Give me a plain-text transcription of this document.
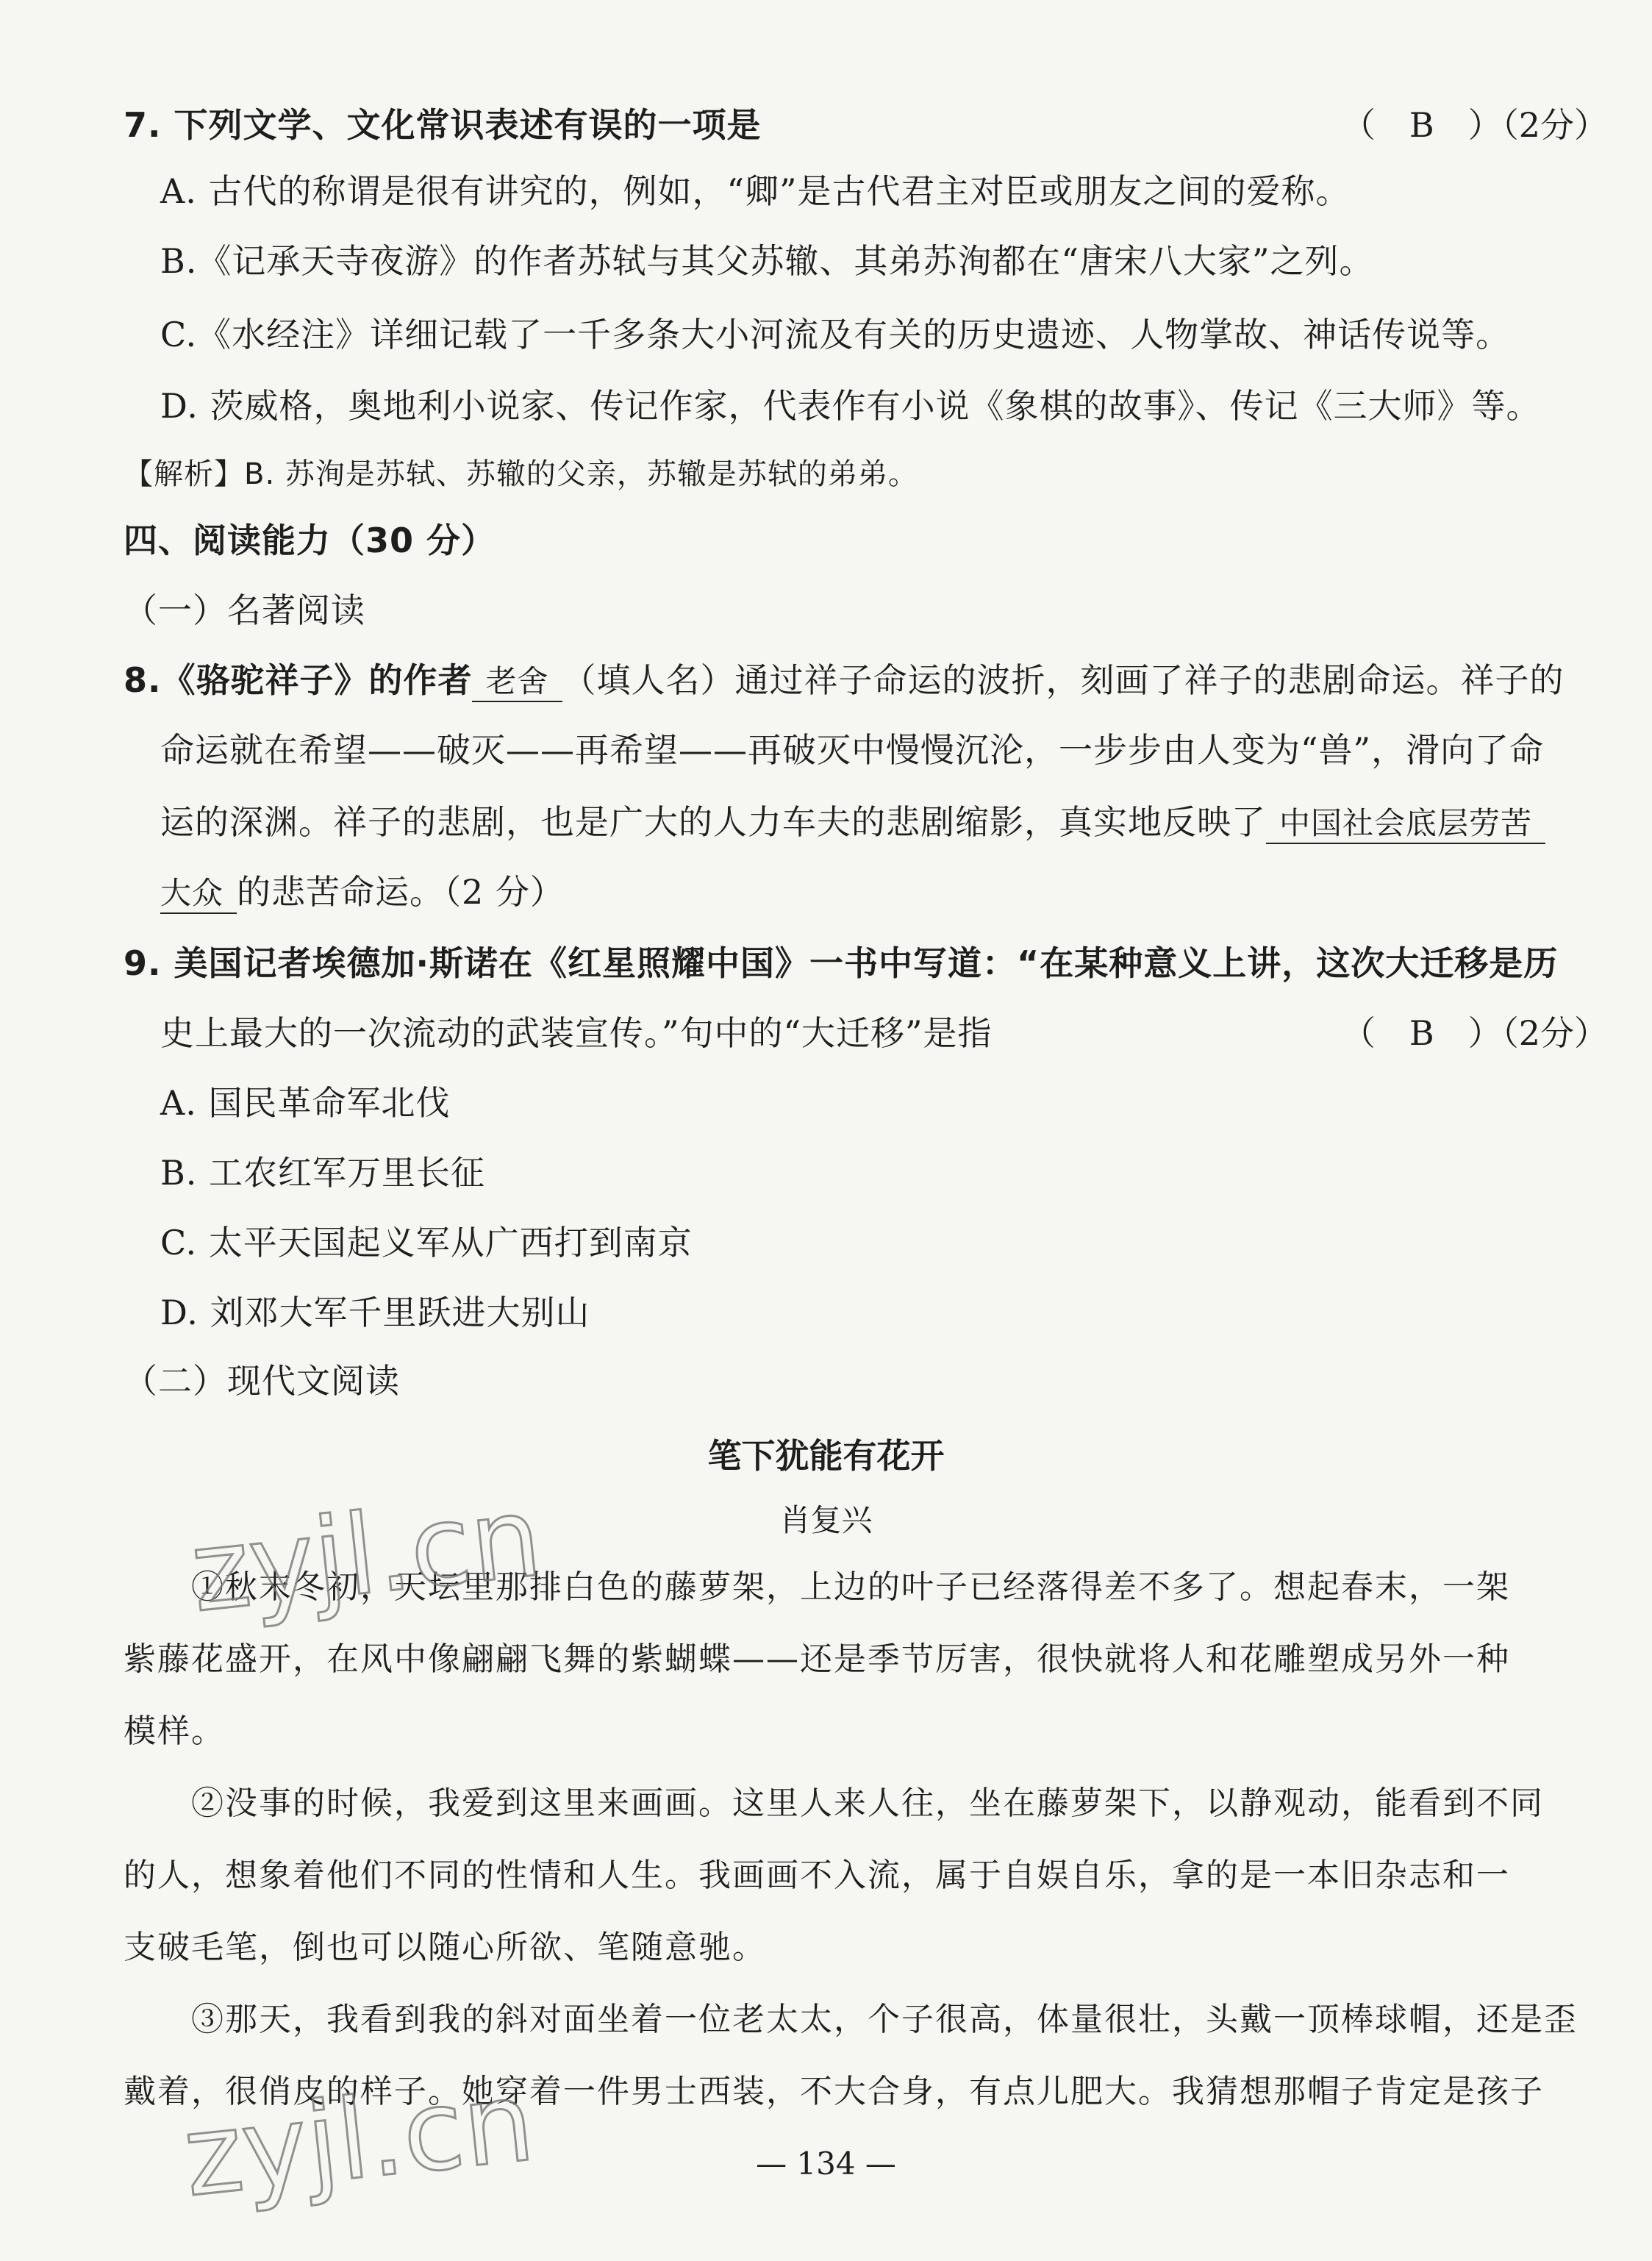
7. 下列文学、文化常识表述有误的一项是	（　B　）（2分）
A. 古代的称谓是很有讲究的，例如，“卿”是古代君主对臣或朋友之间的爱称。
B.《记承天寺夜游》的作者苏轼与其父苏辙、其弟苏洵都在“唐宋八大家”之列。
C.《水经注》详细记载了一千多条大小河流及有关的历史遗迹、人物掌故、神话传说等。
D. 茨威格，奥地利小说家、传记作家，代表作有小说《象棋的故事》、传记《三大师》等。
【解析】B. 苏洵是苏轼、苏辙的父亲，苏辙是苏轼的弟弟。
四、阅读能力（30 分）
（一）名著阅读
8.《骆驼祥子》的作者 老舍 （填人名）通过祥子命运的波折，刻画了祥子的悲剧命运。祥子的
命运就在希望——破灭——再希望——再破灭中慢慢沉沦，一步步由人变为“兽”，滑向了命
运的深渊。祥子的悲剧，也是广大的人力车夫的悲剧缩影，真实地反映了 中国社会底层劳苦
大众 的悲苦命运。（2 分）
9. 美国记者埃德加·斯诺在《红星照耀中国》一书中写道：“在某种意义上讲，这次大迁移是历
史上最大的一次流动的武装宣传。”句中的“大迁移”是指	（　B　）（2分）
A. 国民革命军北伐
B. 工农红军万里长征
C. 太平天国起义军从广西打到南京
D. 刘邓大军千里跃进大别山
（二）现代文阅读
笔下犹能有花开
肖复兴
①秋末冬初，天坛里那排白色的藤萝架，上边的叶子已经落得差不多了。想起春末，一架
紫藤花盛开，在风中像翩翩飞舞的紫蝴蝶——还是季节厉害，很快就将人和花雕塑成另外一种
模样。
②没事的时候，我爱到这里来画画。这里人来人往，坐在藤萝架下，以静观动，能看到不同
的人，想象着他们不同的性情和人生。我画画不入流，属于自娱自乐，拿的是一本旧杂志和一
支破毛笔，倒也可以随心所欲、笔随意驰。
③那天，我看到我的斜对面坐着一位老太太，个子很高，体量很壮，头戴一顶棒球帽，还是歪
戴着，很俏皮的样子。她穿着一件男士西装，不大合身，有点儿肥大。我猜想那帽子肯定是孩子
— 134 —
zyjl.cn
zyjl.cn
